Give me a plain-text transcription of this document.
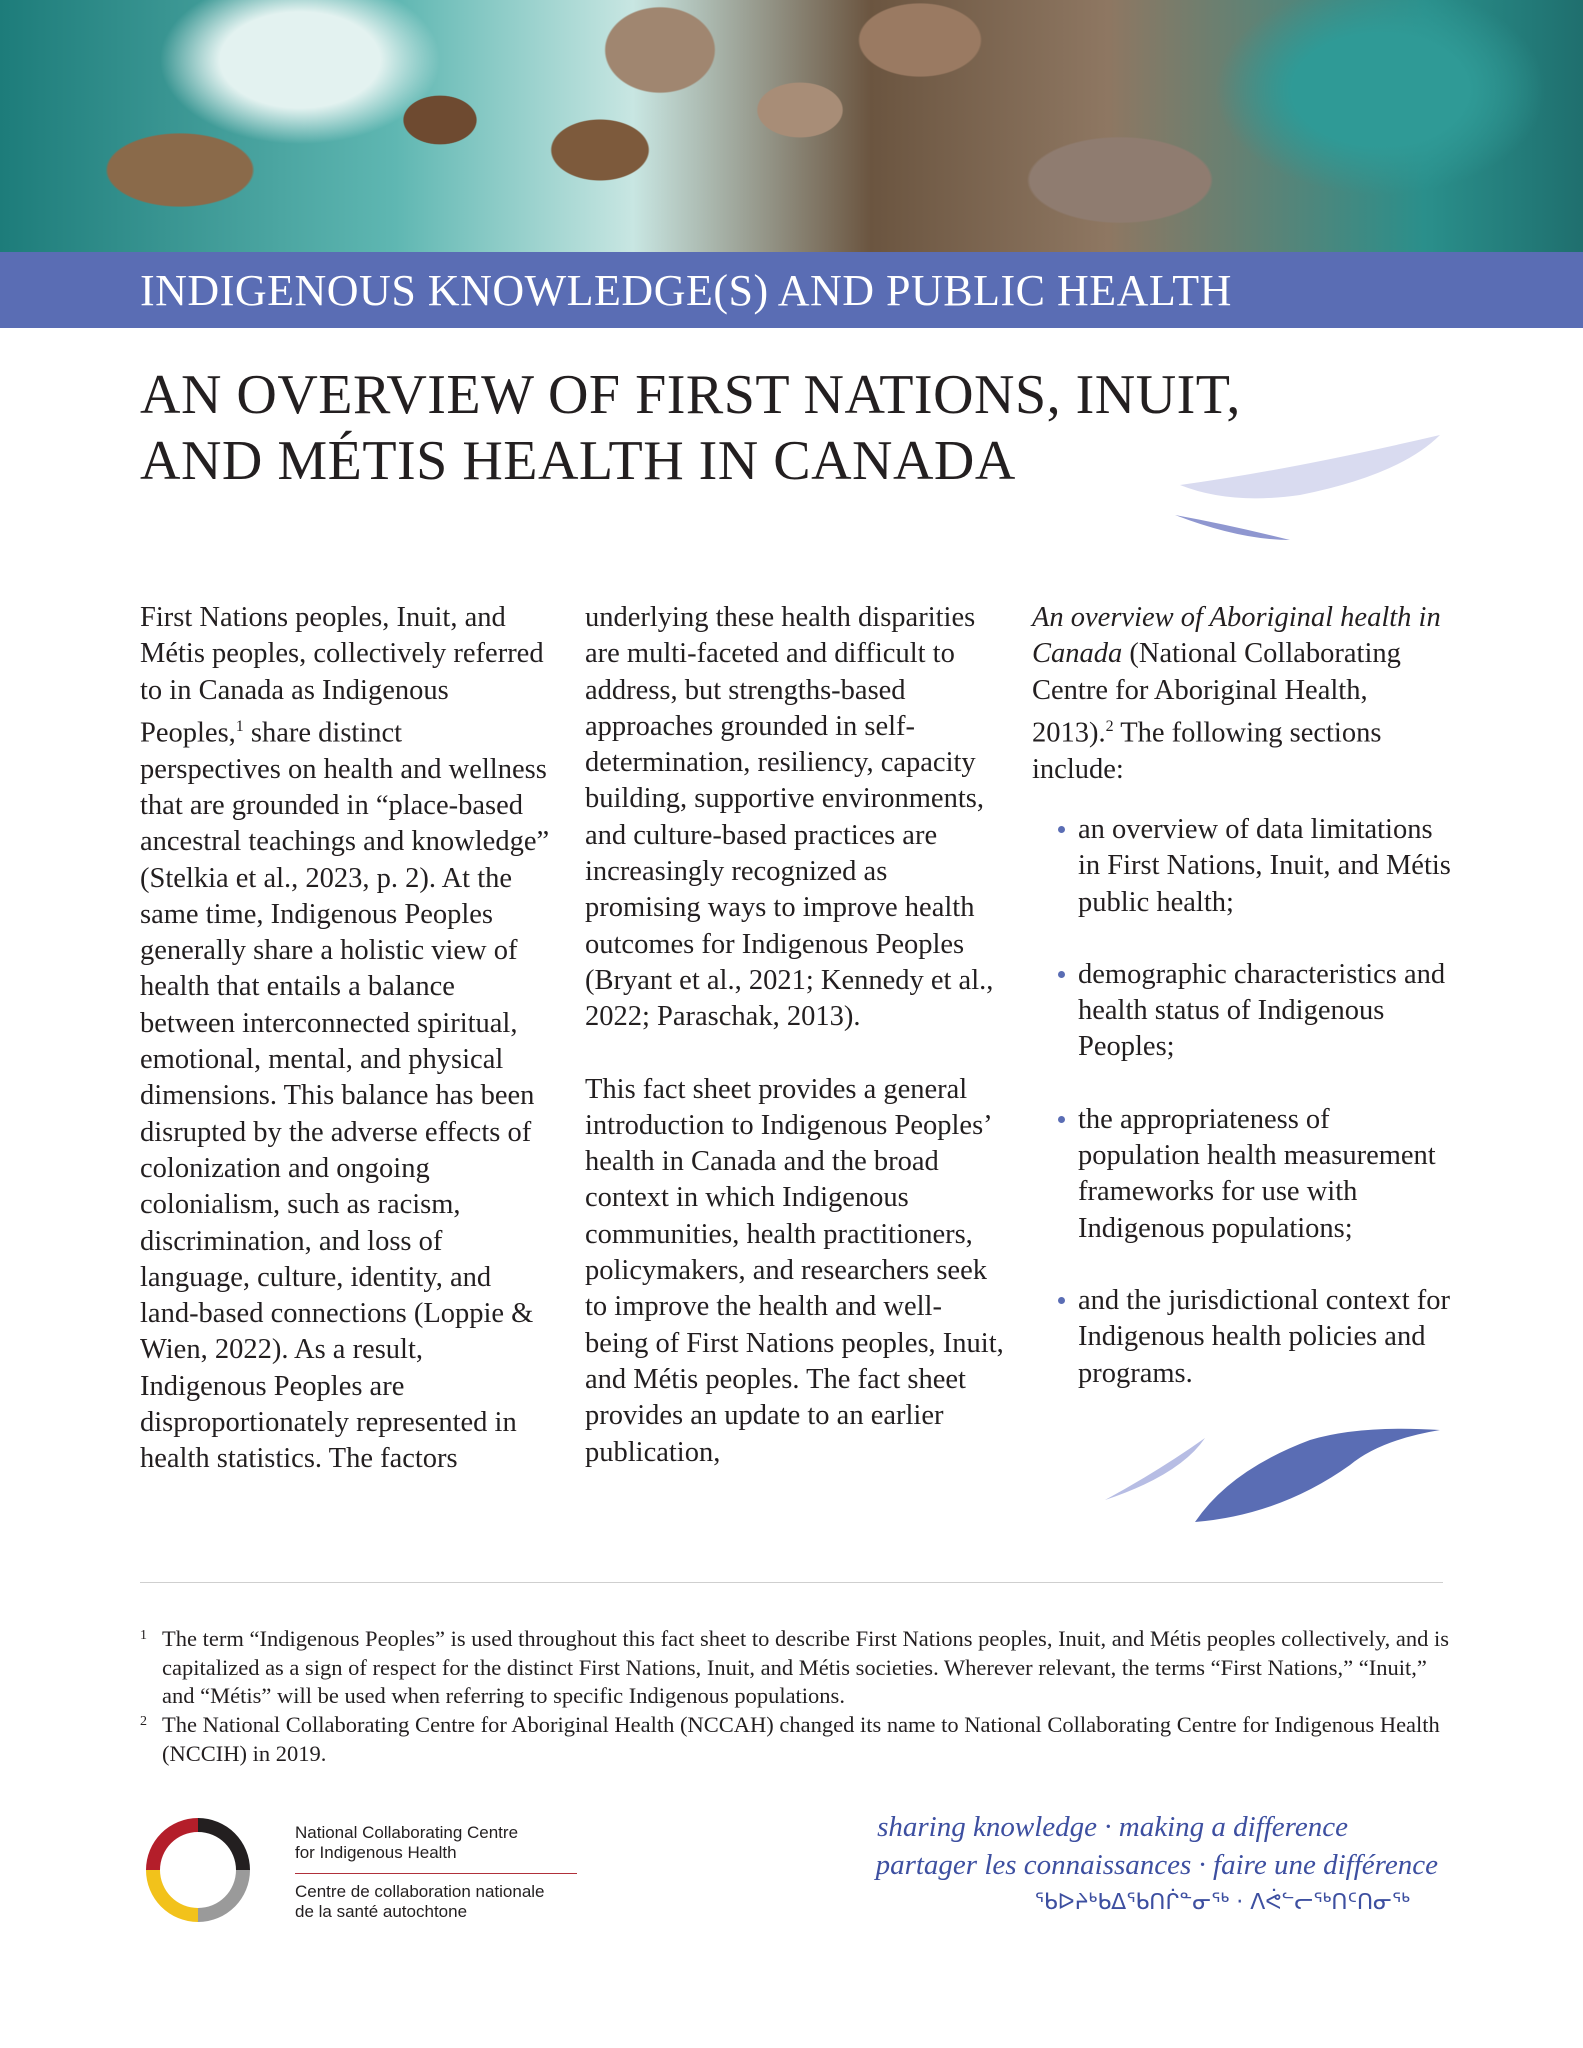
INDIGENOUS KNOWLEDGE(S) AND PUBLIC HEALTH
AN OVERVIEW OF FIRST NATIONS, INUIT,
AND MÉTIS HEALTH IN CANADA

First Nations peoples, Inuit, and Métis peoples, collectively referred to in Canada as Indigenous Peoples,$^1$ share distinct perspectives on health and wellness that are grounded in “place-based ancestral teachings and knowledge” (Stelkia et al., 2023, p. 2). At the same time, Indigenous Peoples generally share a holistic view of health that entails a balance between interconnected spiritual, emotional, mental, and physical dimensions. This balance has been disrupted by the adverse effects of colonization and ongoing colonialism, such as racism, discrimination, and loss of language, culture, identity, and land-based connections (Loppie & Wien, 2022). As a result, Indigenous Peoples are disproportionately represented in health statistics. The factors

underlying these health disparities are multi-faceted and difficult to address, but strengths-based approaches grounded in self-determination, resiliency, capacity building, supportive environments, and culture-based practices are increasingly recognized as promising ways to improve health outcomes for Indigenous Peoples (Bryant et al., 2021; Kennedy et al., 2022; Paraschak, 2013).

This fact sheet provides a general introduction to Indigenous Peoples’ health in Canada and the broad context in which Indigenous communities, health practitioners, policymakers, and researchers seek to improve the health and well-being of First Nations peoples, Inuit, and Métis peoples. The fact sheet provides an update to an earlier publication,

An overview of Aboriginal health in Canada (National Collaborating Centre for Aboriginal Health, 2013).$^2$ The following sections include:

an overview of data limitations in First Nations, Inuit, and Métis public health;
demographic characteristics and health status of Indigenous Peoples;
the appropriateness of population health measurement frameworks for use with Indigenous populations;
and the jurisdictional context for Indigenous health policies and programs.
1 The term “Indigenous Peoples” is used throughout this fact sheet to describe First Nations peoples, Inuit, and Métis peoples collectively, and is capitalized as a sign of respect for the distinct First Nations, Inuit, and Métis societies. Wherever relevant, the terms “First Nations,” “Inuit,” and “Métis” will be used when referring to specific Indigenous populations.
2 The National Collaborating Centre for Aboriginal Health (NCCAH) changed its name to National Collaborating Centre for Indigenous Health (NCCIH) in 2019.
National Collaborating Centre
for Indigenous Health
Centre de collaboration nationale
de la santé autochtone
sharing knowledge · making a difference
partager les connaissances · faire une différence
ᖃᐅᔨᒃᑲᐃᖃᑎᒌᓐᓂᖅ · ᐱᕚᓪᓕᖅᑎᑦᑎᓂᖅ
